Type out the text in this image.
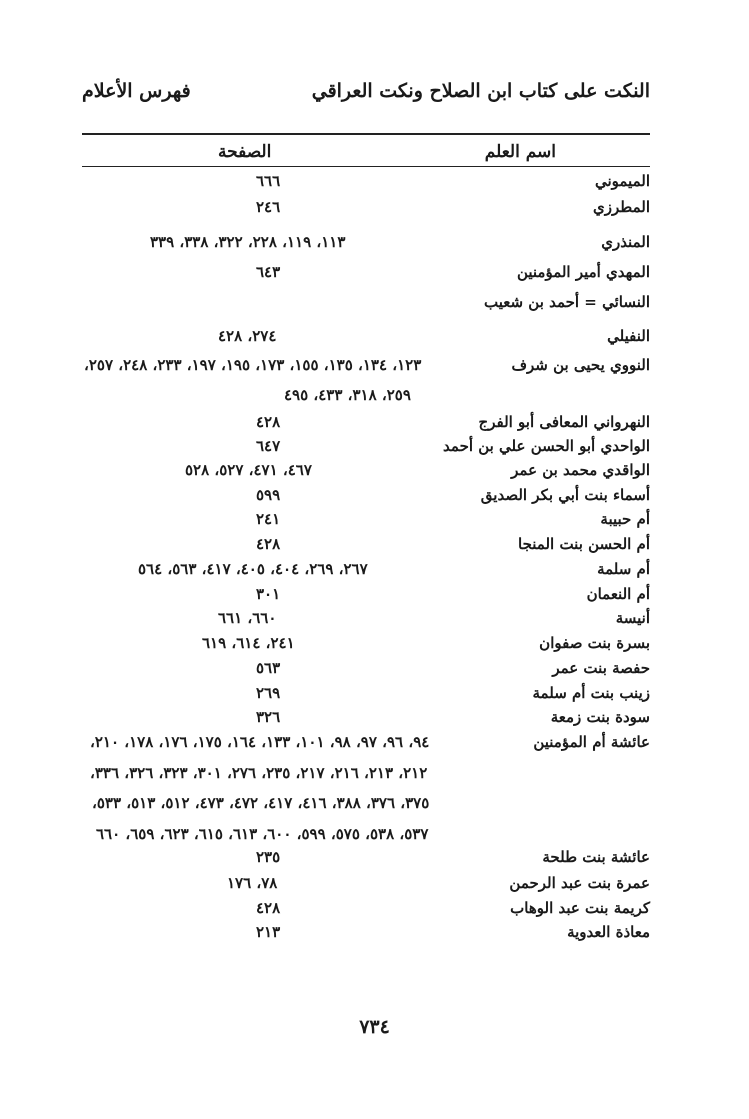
النكت على كتاب ابن الصلاح ونكت العراقي
فهرس الأعلام
اسم العلم
الصفحة
الميموني
٦٦٦
المطرزي
٢٤٦
المنذري
١١٣، ١١٩، ٢٢٨، ٣٢٢، ٣٣٨، ٣٣٩
المهدي أمير المؤمنين
٦٤٣
النسائي = أحمد بن شعيب
النفيلي
٢٧٤، ٤٢٨
النووي يحيى بن شرف
١٢٣، ١٣٤، ١٣٥، ١٥٥، ١٧٣، ١٩٥، ١٩٧، ٢٣٣، ٢٤٨، ٢٥٧،
٢٥٩، ٣١٨، ٤٣٣، ٤٩٥
النهرواني المعافى أبو الفرج
٤٢٨
الواحدي أبو الحسن علي بن أحمد
٦٤٧
الواقدي محمد بن عمر
٤٦٧، ٤٧١، ٥٢٧، ٥٢٨
أسماء بنت أبي بكر الصديق
٥٩٩
أم حبيبة
٢٤١
أم الحسن بنت المنجا
٤٢٨
أم سلمة
٢٦٧، ٢٦٩، ٤٠٤، ٤٠٥، ٤١٧، ٥٦٣، ٥٦٤
أم النعمان
٣٠١
أنيسة
٦٦٠، ٦٦١
بسرة بنت صفوان
٢٤١، ٦١٤، ٦١٩
حفصة بنت عمر
٥٦٣
زينب بنت أم سلمة
٢٦٩
سودة بنت زمعة
٣٢٦
عائشة أم المؤمنين
٩٤، ٩٦، ٩٧، ٩٨، ١٠١، ١٣٣، ١٦٤، ١٧٥، ١٧٦، ١٧٨، ٢١٠،
٢١٢، ٢١٣، ٢١٦، ٢١٧، ٢٣٥، ٢٧٦، ٣٠١، ٣٢٣، ٣٢٦، ٣٣٦،
٣٧٥، ٣٧٦، ٣٨٨، ٤١٦، ٤١٧، ٤٧٢، ٤٧٣، ٥١٢، ٥١٣، ٥٣٣،
٥٣٧، ٥٣٨، ٥٧٥، ٥٩٩، ٦٠٠، ٦١٣، ٦١٥، ٦٢٣، ٦٥٩، ٦٦٠
عائشة بنت طلحة
٢٣٥
عمرة بنت عبد الرحمن
٧٨، ١٧٦
كريمة بنت عبد الوهاب
٤٢٨
معاذة العدوية
٢١٣
٧٣٤
